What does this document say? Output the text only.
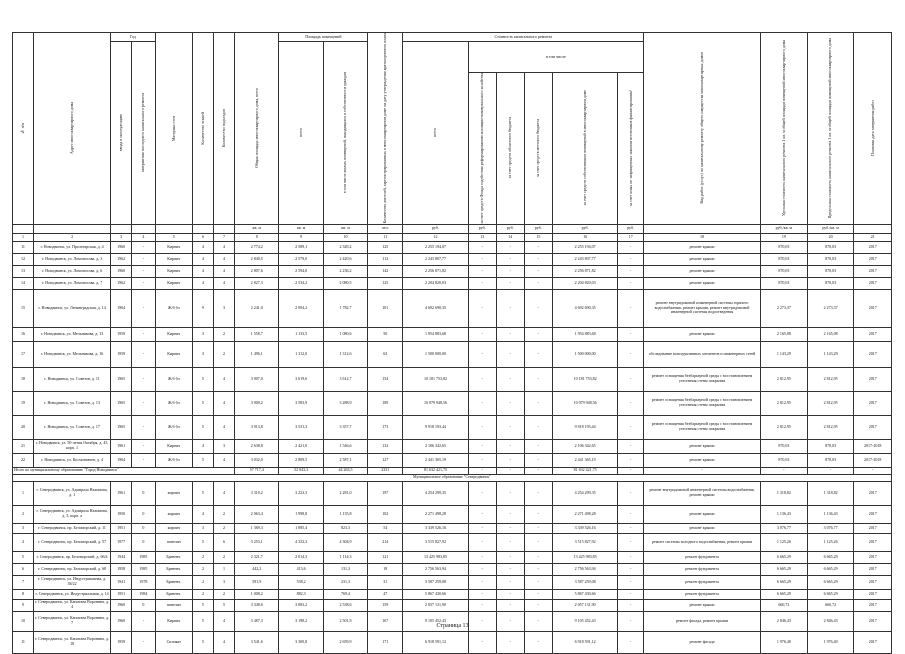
№ п/п	Адрес многоквартирного дома	Год		Материал стен	Количество этажей	Количество подъездов	Общая площадь многоквартирного дома, всего	Площадь помещений		Количество жителей, зарегистрированных в многоквартирном доме на дату утверждения краткосрочного плана	Стоимость капитального ремонта						Вид работ (услуг) по капитальному ремонту общего имущества многоквартирных домов	Удельная стоимость капитального ремонта 1 кв. м общей площади помещений многоквартирного дома	Предельная стоимость капитального ремонта 1 кв. м общей площади помещений многоквартирного дома	Плановая дата завершения работ

		ввода в эксплуатацию	завершения последнего капитального ремонта					всего	в том числе жилых помещений, находящихся в собственности граждан		всего	в том числе								

												за счет средств Фонда содействия реформированию жилищно-коммунального хозяйства	за счет средств областного бюджета	за счет средств местного бюджета	за счет средств собственников помещений в многоквартирном доме	за счет иных не запрещенных законом источников финансирования¹				

							кв. м	кв. м	кв. м	чел.	руб.	руб.	руб.	руб.	руб.	руб.		руб./кв. м	руб./кв. м	
1	2	3	4	5	6	7	8	9	10	11	12	13	14	15	16	17	18	19	20	21
11	г. Новодвинск, ул. Пролетарская, д. 4	1960	-	Кирпич	4	4	2 774,2	2 589,1	2 349,2	125	2 255 194,07	-	-	-	2 255 194,07	-	ремонт крыши	870,03	870,03	2017
12	г. Новодвинск, ул. Ломоносова, д. 3	1962	-	Кирпич	4	4	2 840,5	2 579,0	2 420,6	112	2 243 807,77	-	-	-	2 243 807,77	-	ремонт крыши	870,03	870,03	2017
13	г. Новодвинск, ул. Ломоносова, д. 6	1960	-	Кирпич	4	4	2 807,6	2 594,0	2 236,2	142	2 256 871,82	-	-	-	2 256 871,82	-	ремонт крыши	870,03	870,03	2017
14	г. Новодвинск, ул. Ломоносова, д. 7	1962	-	Кирпич	4	4	2 827,3	2 534,2	2 080,5	125	2 204 820,03	-	-	-	2 204 820,03	-	ремонт крыши	870,03	870,03	2017
15	г. Новодвинск, ул. Ленинградская, д. 14	1964	-	Ж/б бл	9	3	2 241,0	2 094,2	1 782,7	101	4 692 690,35	-	-	-	4 692 690,35	-	ремонт внутридомовой инженерной системы горячего водоснабжения, ремонт крыши, ремонт внутридомовой инженерной системы водоотведения	2 273,37	2 273,37	2017
16	г. Новодвинск, ул. Мельникова, д. 13	1959	-	Кирпич	3	2	1 558,7	1 133,5	1 080,6	50	1 954 883,68	-	-	-	1 954 883,68	-	ремонт крыши	2 165,08	2 165,08	2017
17	г. Новодвинск, ул. Мельникова, д. 16	1959	-	Кирпич	3	2	1 496,1	1 312,0	1 312,6	63	1 500 000,00	-	-	-	1 500 000,00	-	обследование конструктивных элементов и инженерных сетей	1 143,29	1 143,29	2017
18	г. Новодвинск, ул. Советов, д. 11	1965	-	Ж/б бл	5	4	3 907,0	3 619,6	3 612,7	154	10 181 753,82	-	-	-	10 181 753,82	-	ремонт оснащения безбарьерной среды с восстановлением утепления стены покрытия	2 812,95	2 812,95	2017
19	г. Новодвинск, ул. Советов, д. 13	1965	-	Ж/б бл	5	4	3 900,2	3 583,9	3 288,9	189	10 079 948,56	-	-	-	10 079 948,56	-	ремонт оснащения безбарьерной среды с восстановлением утепления стены покрытия	2 812,95	2 812,95	2017
20	г. Новодвинск, ул. Советов, д. 17	1965	-	Ж/б бл	5	4	3 913,8	3 531,3	3 357,7	173	9 918 193,44	-	-	-	9 918 193,44	-	ремонт оснащения безбарьерной среды с восстановлением утепления стены покрытия	2 812,95	2 812,95	2017
21	г. Новодвинск, ул. 50-летия Октября, д. 45, корп. 1	1961	-	Кирпич	4	3	2 638,8	2 421,0	1 546,6	132	2 106 342,65	-	-	-	2 106 342,65	-	ремонт крыши	870,03	870,03	2017-2018
22	г. Новодвинск, ул. Космонавтов, д. 4	1964	-	Ж/б бл	5	4	3 032,0	2 809,5	2 587,1	127	2 441 365,19	-	-	-	2 441 365,19	-	ремонт крыши	870,03	870,03	2017-2018
Итого по муниципальному образованию "Город Новодвинск"							57 717,4	52 043,3	44 263,5	2331	81 632 421,75	-	-	-	81 632 421,75	-	-	-	-	-
Муниципальное образование "Северодвинск"																				
1	г. Северодвинск, ул. Адмирала Нахимова, д. 1	1961	0	кирпич	5	4	3 310,2	3 223,3	2 281,0	197	4 254 299,35	-	-	-	4 254 299,35	-	ремонт внутридомовой инженерной системы водоснабжения, ремонт крыши	1 318,82	1 318,82	2017
2	г. Северодвинск, ул. Адмирала Нахимова, д. 3, корп. а	1950	0	кирпич	4	2	2 063,4	1 998,8	1 135,8	102	2 271 498,28	-	-	-	2 271 498,28	-	ремонт крыши	1 136,43	1 136,43	2017
3	г. Северодвинск, пр. Беломорский, д. 11	1951	0	кирпич	3	2	1 369,3	1 085,4	823,3	54	3 339 526,16	-	-	-	3 339 526,16	-	ремонт крыши	3 076,77	3 076,77	2017
4	г. Северодвинск, пр. Беломорский, д. 57	1977	0	панелан	5	6	3 253,1	4 332,3	4 304,9	214	3 515 827,92	-	-	-	3 515 827,92	-	ремонт системы холодного водоснабжения, ремонт крыши	1 125,26	1 125,26	2017
5	г. Северодвинск, пр. Беломорский, д. 66/4	1944	1985	Бревенч.	2	2	2 321,7	2 014,3	1 114,3	121	13 425 983,85	-	-	-	13 425 983,85	-	ремонт фундамента	6 665,29	6 665,29	2017
6	г. Северодвинск, пр. Беломорский, д. 68	1958	1985	Бревенч.	2	1	442,2	413,6	131,3	18	2 756 563,94	-	-	-	2 756 563,94	-	ремонт фундамента	6 665,29	6 665,29	2017
7	г. Северодвинск, ул. Индустриальная, д. 38/22	1941	1978	Бревенч.	2	3	591,9	538,2	231,3	31	3 587 259,08	-	-	-	3 587 259,08	-	ремонт фундамента	6 665,29	6 665,29	2017
8	г. Северодвинск, ул. Индустриальная, д. 14	1951	1984	Бревенч.	2	2	1 008,2	882,3	769,4	47	5 867 430,66	-	-	-	5 867 430,66	-	ремонт фундамента	6 665,29	6 665,29	2017
9	г. Северодвинск, ул. Капитана Воронина, д. 4	1960	0	панелан	5	5	3 348,6	3 083,2	2 538,6	159	2 057 131,90	-	-	-	2 057 131,90	-	ремонт крыши	660,72	660,72	2017
10	г. Северодвинск, ул. Капитана Воронина, д. 7	1960	-	Кирпич	5	4	3 487,3	3 198,2	2 501,9	167	9 105 452,43	-	-	-	9 105 452,43	-	ремонт фасада, ремонт крыши	2 846,43	2 846,43	2017
11	г. Северодвинск, ул. Капитана Воронина, д. 18	1959	-	Силикат	5	4	3 541,6	3 300,8	2 659,9	171	6 918 591,12	-	-	-	6 918 591,12	-	ремонт фасада	1 976,40	1 976,40	2017
Страница 13
